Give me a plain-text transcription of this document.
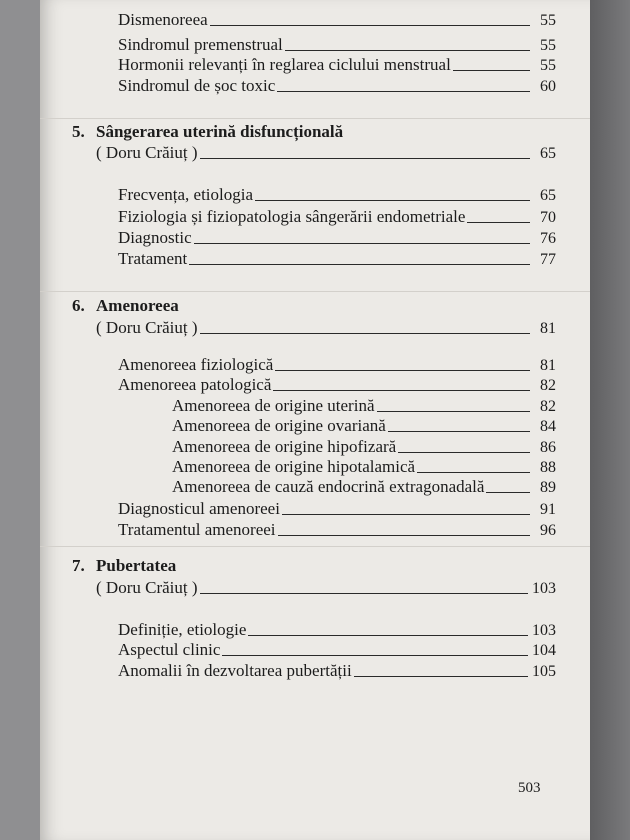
Dismenoreea	55
Sindromul premenstrual	55
Hormonii relevanți în reglarea ciclului menstrual	55
Sindromul de șoc toxic	60
5. Sângerarea uterină disfuncțională
( Doru Crăiuț )	65
Frecvența, etiologia	65
Fiziologia și fiziopatologia sângerării endometriale	70
Diagnostic	76
Tratament	77
6. Amenoreea
( Doru Crăiuț )	81
Amenoreea fiziologică	81
Amenoreea patologică	82
Amenoreea de origine uterină	82
Amenoreea de origine ovariană	84
Amenoreea de origine hipofizară	86
Amenoreea de origine hipotalamică	88
Amenoreea de cauză endocrină extragonadală	89
Diagnosticul amenoreei	91
Tratamentul amenoreei	96
7. Pubertatea
( Doru Crăiuț )	103
Definiție, etiologie	103
Aspectul clinic	104
Anomalii în dezvoltarea pubertății	105
503
